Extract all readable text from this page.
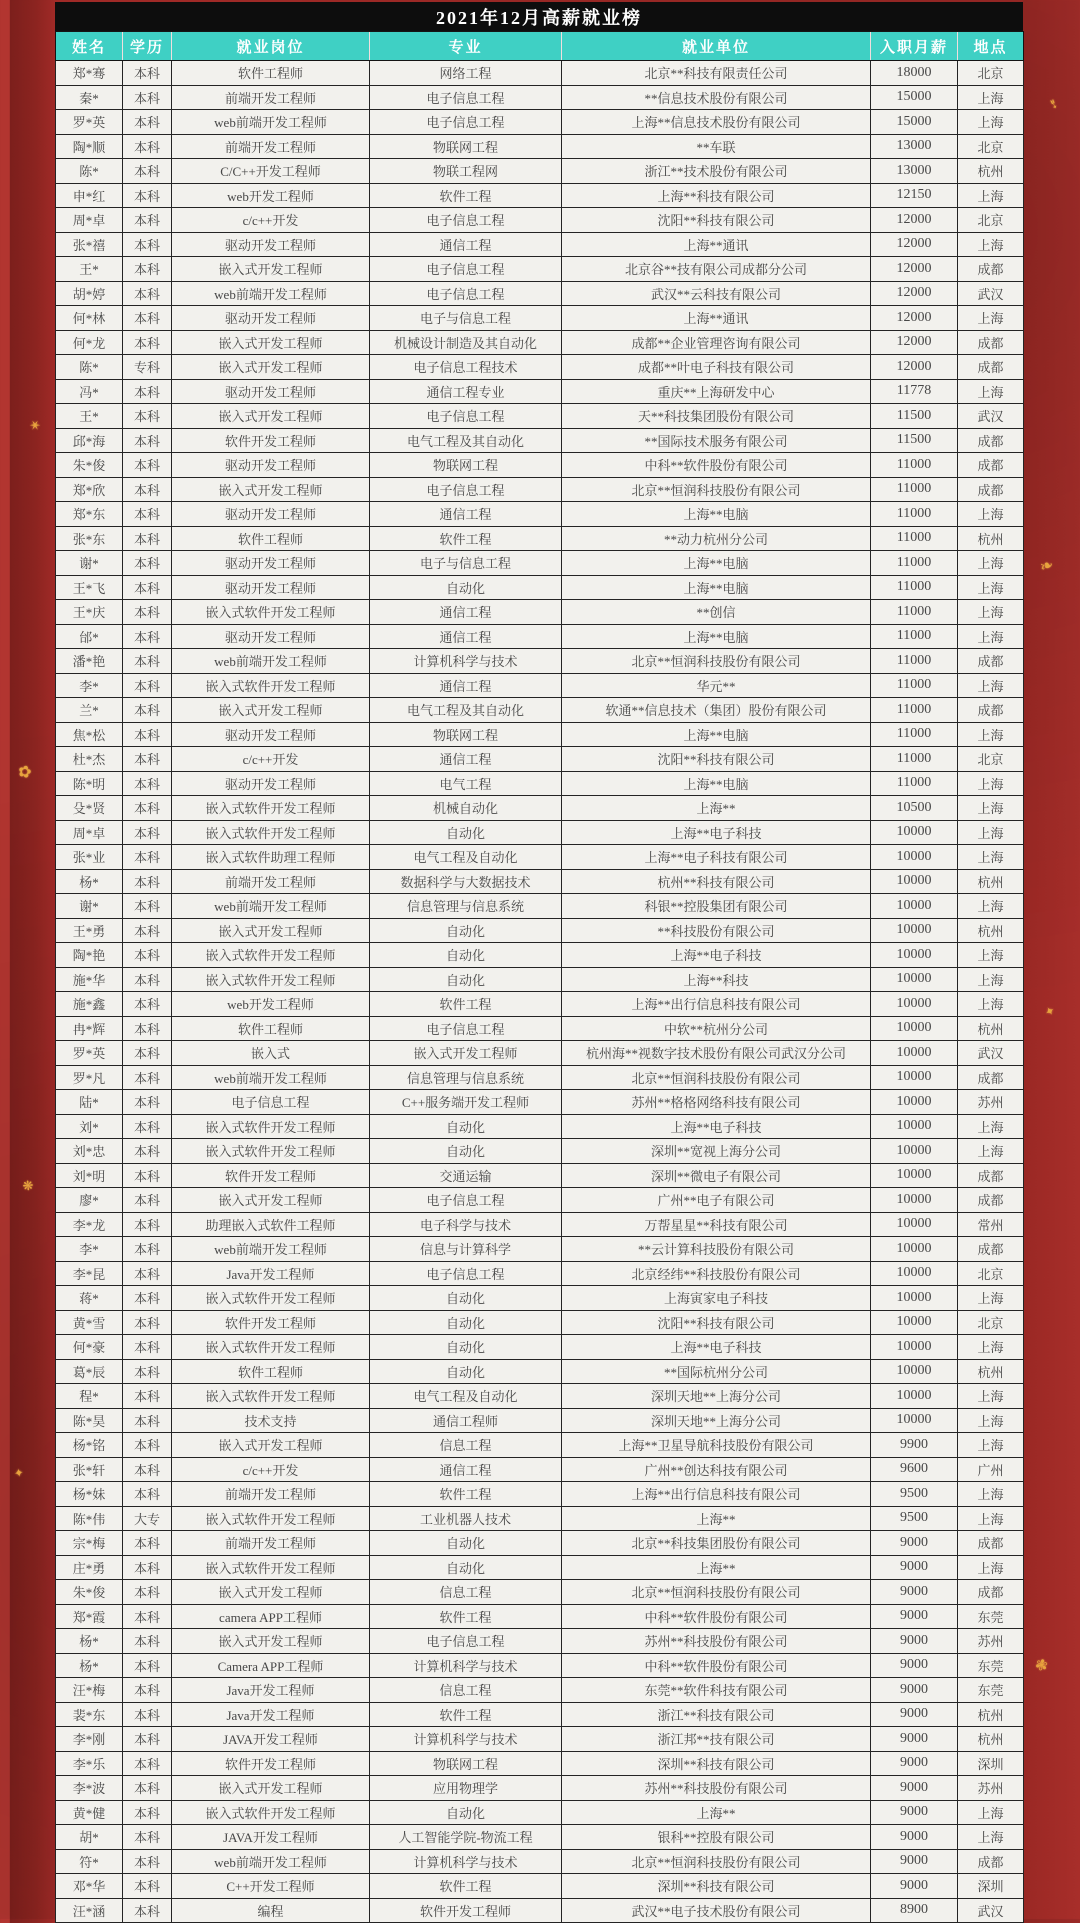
✶
✿
❋
✦
➴
❧
✦
✾
2021年12月高薪就业榜
姓名	学历	就业岗位	专业	就业单位	入职月薪	地点
郑*骞	本科	软件工程师	网络工程	北京**科技有限责任公司	18000	北京
秦*	本科	前端开发工程师	电子信息工程	**信息技术股份有限公司	15000	上海
罗*英	本科	web前端开发工程师	电子信息工程	上海**信息技术股份有限公司	15000	上海
陶*顺	本科	前端开发工程师	物联网工程	**车联	13000	北京
陈*	本科	C/C++开发工程师	物联工程网	浙江**技术股份有限公司	13000	杭州
申*红	本科	web开发工程师	软件工程	上海**科技有限公司	12150	上海
周*卓	本科	c/c++开发	电子信息工程	沈阳**科技有限公司	12000	北京
张*禧	本科	驱动开发工程师	通信工程	上海**通讯	12000	上海
王*	本科	嵌入式开发工程师	电子信息工程	北京谷**技有限公司成都分公司	12000	成都
胡*婷	本科	web前端开发工程师	电子信息工程	武汉**云科技有限公司	12000	武汉
何*林	本科	驱动开发工程师	电子与信息工程	上海**通讯	12000	上海
何*龙	本科	嵌入式开发工程师	机械设计制造及其自动化	成都**企业管理咨询有限公司	12000	成都
陈*	专科	嵌入式开发工程师	电子信息工程技术	成都**叶电子科技有限公司	12000	成都
冯*	本科	驱动开发工程师	通信工程专业	重庆**上海研发中心	11778	上海
王*	本科	嵌入式开发工程师	电子信息工程	天**科技集团股份有限公司	11500	武汉
邱*海	本科	软件开发工程师	电气工程及其自动化	**国际技术服务有限公司	11500	成都
朱*俊	本科	驱动开发工程师	物联网工程	中科**软件股份有限公司	11000	成都
郑*欣	本科	嵌入式开发工程师	电子信息工程	北京**恒润科技股份有限公司	11000	成都
郑*东	本科	驱动开发工程师	通信工程	上海**电脑	11000	上海
张*东	本科	软件工程师	软件工程	**动力杭州分公司	11000	杭州
谢*	本科	驱动开发工程师	电子与信息工程	上海**电脑	11000	上海
王*飞	本科	驱动开发工程师	自动化	上海**电脑	11000	上海
王*庆	本科	嵌入式软件开发工程师	通信工程	**创信	11000	上海
邰*	本科	驱动开发工程师	通信工程	上海**电脑	11000	上海
潘*艳	本科	web前端开发工程师	计算机科学与技术	北京**恒润科技股份有限公司	11000	成都
李*	本科	嵌入式软件开发工程师	通信工程	华元**	11000	上海
兰*	本科	嵌入式开发工程师	电气工程及其自动化	软通**信息技术（集团）股份有限公司	11000	成都
焦*松	本科	驱动开发工程师	物联网工程	上海**电脑	11000	上海
杜*杰	本科	c/c++开发	通信工程	沈阳**科技有限公司	11000	北京
陈*明	本科	驱动开发工程师	电气工程	上海**电脑	11000	上海
殳*贤	本科	嵌入式软件开发工程师	机械自动化	上海**	10500	上海
周*卓	本科	嵌入式软件开发工程师	自动化	上海**电子科技	10000	上海
张*业	本科	嵌入式软件助理工程师	电气工程及自动化	上海**电子科技有限公司	10000	上海
杨*	本科	前端开发工程师	数据科学与大数据技术	杭州**科技有限公司	10000	杭州
谢*	本科	web前端开发工程师	信息管理与信息系统	科银**控股集团有限公司	10000	上海
王*勇	本科	嵌入式开发工程师	自动化	**科技股份有限公司	10000	杭州
陶*艳	本科	嵌入式软件开发工程师	自动化	上海**电子科技	10000	上海
施*华	本科	嵌入式软件开发工程师	自动化	上海**科技	10000	上海
施*鑫	本科	web开发工程师	软件工程	上海**出行信息科技有限公司	10000	上海
冉*辉	本科	软件工程师	电子信息工程	中软**杭州分公司	10000	杭州
罗*英	本科	嵌入式	嵌入式开发工程师	杭州海**视数字技术股份有限公司武汉分公司	10000	武汉
罗*凡	本科	web前端开发工程师	信息管理与信息系统	北京**恒润科技股份有限公司	10000	成都
陆*	本科	电子信息工程	C++服务端开发工程师	苏州**格格网络科技有限公司	10000	苏州
刘*	本科	嵌入式软件开发工程师	自动化	上海**电子科技	10000	上海
刘*忠	本科	嵌入式软件开发工程师	自动化	深圳**宽视上海分公司	10000	上海
刘*明	本科	软件开发工程师	交通运输	深圳**微电子有限公司	10000	成都
廖*	本科	嵌入式开发工程师	电子信息工程	广州**电子有限公司	10000	成都
李*龙	本科	助理嵌入式软件工程师	电子科学与技术	万帮星星**科技有限公司	10000	常州
李*	本科	web前端开发工程师	信息与计算科学	**云计算科技股份有限公司	10000	成都
李*昆	本科	Java开发工程师	电子信息工程	北京经纬**科技股份有限公司	10000	北京
蒋*	本科	嵌入式软件开发工程师	自动化	上海寅家电子科技	10000	上海
黄*雪	本科	软件开发工程师	自动化	沈阳**科技有限公司	10000	北京
何*豪	本科	嵌入式软件开发工程师	自动化	上海**电子科技	10000	上海
葛*辰	本科	软件工程师	自动化	**国际杭州分公司	10000	杭州
程*	本科	嵌入式软件开发工程师	电气工程及自动化	深圳天地**上海分公司	10000	上海
陈*昊	本科	技术支持	通信工程师	深圳天地**上海分公司	10000	上海
杨*铭	本科	嵌入式开发工程师	信息工程	上海**卫星导航科技股份有限公司	9900	上海
张*轩	本科	c/c++开发	通信工程	广州**创达科技有限公司	9600	广州
杨*妹	本科	前端开发工程师	软件工程	上海**出行信息科技有限公司	9500	上海
陈*伟	大专	嵌入式软件开发工程师	工业机器人技术	上海**	9500	上海
宗*梅	本科	前端开发工程师	自动化	北京**科技集团股份有限公司	9000	成都
庄*勇	本科	嵌入式软件开发工程师	自动化	上海**	9000	上海
朱*俊	本科	嵌入式开发工程师	信息工程	北京**恒润科技股份有限公司	9000	成都
郑*霞	本科	camera APP工程师	软件工程	中科**软件股份有限公司	9000	东莞
杨*	本科	嵌入式开发工程师	电子信息工程	苏州**科技股份有限公司	9000	苏州
杨*	本科	Camera APP工程师	计算机科学与技术	中科**软件股份有限公司	9000	东莞
汪*梅	本科	Java开发工程师	信息工程	东莞**软件科技有限公司	9000	东莞
裴*东	本科	Java开发工程师	软件工程	浙江**科技有限公司	9000	杭州
李*刚	本科	JAVA开发工程师	计算机科学与技术	浙江邦**技有限公司	9000	杭州
李*乐	本科	软件开发工程师	物联网工程	深圳**科技有限公司	9000	深圳
李*波	本科	嵌入式开发工程师	应用物理学	苏州**科技股份有限公司	9000	苏州
黄*健	本科	嵌入式软件开发工程师	自动化	上海**	9000	上海
胡*	本科	JAVA开发工程师	人工智能学院-物流工程	银科**控股有限公司	9000	上海
符*	本科	web前端开发工程师	计算机科学与技术	北京**恒润科技股份有限公司	9000	成都
邓*华	本科	C++开发工程师	软件工程	深圳**科技有限公司	9000	深圳
汪*涵	本科	编程	软件开发工程师	武汉**电子技术股份有限公司	8900	武汉
